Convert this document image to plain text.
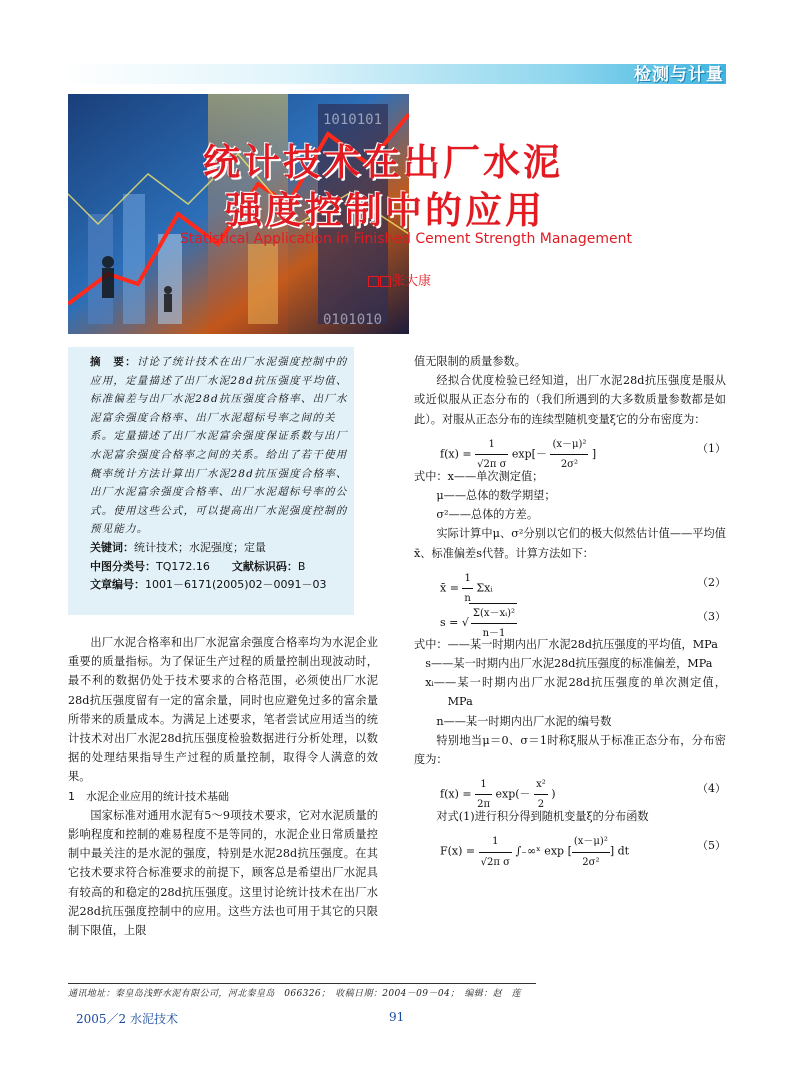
检测与计量
1010101
0101010
统计技术在出厂水泥
强度控制中的应用
Statistical Application in Finished Cement Strength Management
张大康

摘　要：讨论了统计技术在出厂水泥强度控制中的应用，定量描述了出厂水泥28d抗压强度平均值、标准偏差与出厂水泥28d抗压强度合格率、出厂水泥富余强度合格率、出厂水泥超标号率之间的关系。定量描述了出厂水泥富余强度保证系数与出厂水泥富余强度合格率之间的关系。给出了若干使用概率统计方法计算出厂水泥28d抗压强度合格率、出厂水泥富余强度合格率、出厂水泥超标号率的公式。使用这些公式，可以提高出厂水泥强度控制的预见能力。

关键词：统计技术；水泥强度；定量

中图分类号：TQ172.16　　 文献标识码：B

文章编号：1001－6171(2005)02－0091－03

出厂水泥合格率和出厂水泥富余强度合格率均为水泥企业重要的质量指标。为了保证生产过程的质量控制出现波动时，最不利的数据仍处于技术要求的合格范围，必须使出厂水泥28d抗压强度留有一定的富余量，同时也应避免过多的富余量所带来的质量成本。为满足上述要求，笔者尝试应用适当的统计技术对出厂水泥28d抗压强度检验数据进行分析处理，以数据的处理结果指导生产过程的质量控制，取得令人满意的效果。

1　水泥企业应用的统计技术基础

国家标准对通用水泥有5～9项技术要求，它对水泥质量的影响程度和控制的难易程度不是等同的，水泥企业日常质量控制中最关注的是水泥的强度，特别是水泥28d抗压强度。在其它技术要求符合标准要求的前提下，顾客总是希望出厂水泥具有较高的和稳定的28d抗压强度。这里讨论统计技术在出厂水泥28d抗压强度控制中的应用。这些方法也可用于其它的只限制下限值，上限

值无限制的质量参数。

经拟合优度检验已经知道，出厂水泥28d抗压强度是服从或近似服从正态分布的（我们所遇到的大多数质量参数都是如此）。对服从正态分布的连续型随机变量ξ它的分布密度为：

$f(x) = \frac{1}{\text{√2π σ}} \exp[- \frac{\text{(x－μ)²}}{\text{2σ²}}$ ]	（1）

式中：x——单次测定值；

μ——总体的数学期望；

σ²——总体的方差。

实际计算中μ、σ²分别以它们的极大似然估计值——平均值x̄、标准偏差s代替。计算方法如下：

x̄ = $\frac{1}{n}$ Σxᵢ	（2）
s = √ $\frac{\text{Σ(x－xᵢ)²}}{n-1}$	（3）

式中：——某一时期内出厂水泥28d抗压强度的平均值，MPa

s——某一时期内出厂水泥28d抗压强度的标准偏差，MPa

xᵢ——某一时期内出厂水泥28d抗压强度的单次测定值，MPa

n——某一时期内出厂水泥的编号数

特别地当μ＝0、σ＝1时称ξ服从于标准正态分布，分布密度为：

$f(x) = \frac{1}{2\pi} \exp(- \frac{\text{x²}}{2}$ )	（4）

对式(1)进行积分得到随机变量ξ的分布函数

$F(x) = \frac{1}{\text{√2π σ}}$ ∫₋∞ˣ exp [ $\frac{\text{(x－μ)²}}{\text{2σ²}}$ ] dt	（5）
通讯地址：秦皇岛浅野水泥有限公司，河北秦皇岛　066326；　收稿日期：2004－09－04；　编辑：赵　莲
2005／2 水泥技术	91
